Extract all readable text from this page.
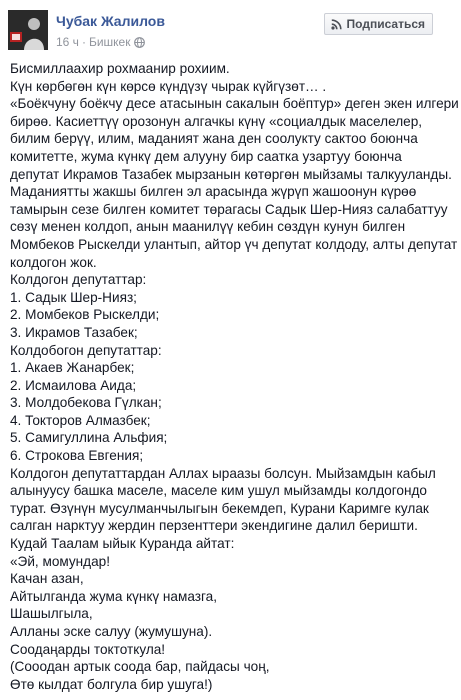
Чубак Жалилов
16 ч · Бишкек
Подписаться
Бисмиллаахир рохмаанир рохиим.
Күн көрбөгөн күн көрсө күндүзү чырак күйгүзөт… .
«Боёкчуну боёкчу десе атасынын сакалын боёптур» деген экен илгери
бирөө. Касиеттүү орозонун алгачкы күнү «социалдык маселелер,
билим берүү, илим, маданият жана ден соолукту сактоо боюнча
комитетте, жума күнкү дем алууну бир саатка узартуу боюнча
депутат Икрамов Тазабек мырзанын көтөргөн мыйзамы талкууланды.
Маданиятты жакшы билген эл арасында жүрүп жашоонун күрөө
тамырын сезе билген комитет төрагасы Садык Шер-Нияз салабаттуу
сөзү менен колдоп, анын маанилүү кебин сөздүн кунун билген
Момбеков Рыскелди улантып, айтор үч депутат колдоду, алты депутат
колдогон жок.
Колдогон депутаттар:
1. Садык Шер-Нияз;
2. Момбеков Рыскелди;
3. Икрамов Тазабек;
Колдобогон депутаттар:
1. Акаев Жанарбек;
2. Исмаилова Аида;
3. Молдобекова Гүлкан;
4. Токторов Алмазбек;
5. Самигуллина Альфия;
6. Строкова Евгения;
Колдогон депутаттардан Аллах ыраазы болсун. Мыйзамдын кабыл
алынуусу башка маселе, маселе ким ушул мыйзамды колдогондо
турат. Өзүнүн мусулманчылыгын бекемдеп, Курани Каримге кулак
салган нарктуу жердин перзенттери экендигине далил беришти.
Кудай Таалам ыйык Куранда айтат:
«Эй, момундар!
Качан азан,
Айтылганда жума күнкү намазга,
Шашылгыла,
Алланы эске салуу (жумушуна).
Соодаңарды токтоткула!
(Сооодан артык соода бар, пайдасы чоң,
Өтө кылдат болгула бир ушуга!)
